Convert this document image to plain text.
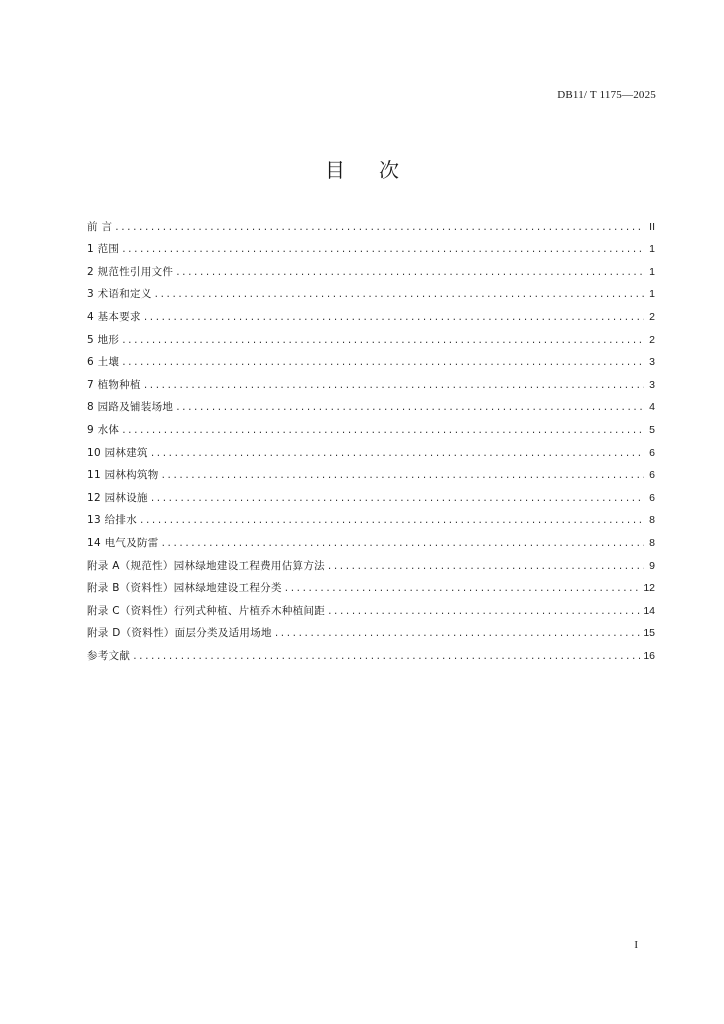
DB11/ T 1175—2025
目次
前 言 .....	II
1 范围 .....	1
2 规范性引用文件 .....	1
3 术语和定义 .....	1
4 基本要求 .....	2
5 地形 .....	2
6 土壤 .....	3
7 植物种植 .....	3
8 园路及铺装场地 .....	4
9 水体 .....	5
10 园林建筑 .....	6
11 园林构筑物 .....	6
12 园林设施 .....	6
13 给排水 .....	8
14 电气及防雷 .....	8
附录 A（规范性）园林绿地建设工程费用估算方法 .....	9
附录 B（资料性）园林绿地建设工程分类 .....	12
附录 C（资料性）行列式种植、片植乔木种植间距 .....	14
附录 D（资料性）面层分类及适用场地 .....	15
参考文献 .....	16
I
